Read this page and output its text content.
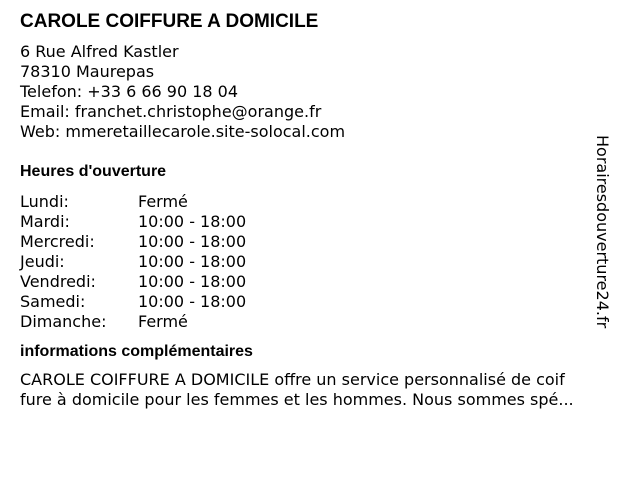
CAROLE COIFFURE A DOMICILE
6 Rue Alfred Kastler
78310 Maurepas
Telefon: +33 6 66 90 18 04
Email: franchet.christophe@orange.fr
Web: mmeretaillecarole.site-solocal.com
Heures d'ouverture
Lundi:	Fermé
Mardi:	10:00 - 18:00
Mercredi:	10:00 - 18:00
Jeudi:	10:00 - 18:00
Vendredi:	10:00 - 18:00
Samedi:	10:00 - 18:00
Dimanche:	Fermé
informations complémentaires
CAROLE COIFFURE A DOMICILE offre un service personnalisé de coif
fure à domicile pour les femmes et les hommes. Nous sommes spé...
Horairesdouverture24.fr
